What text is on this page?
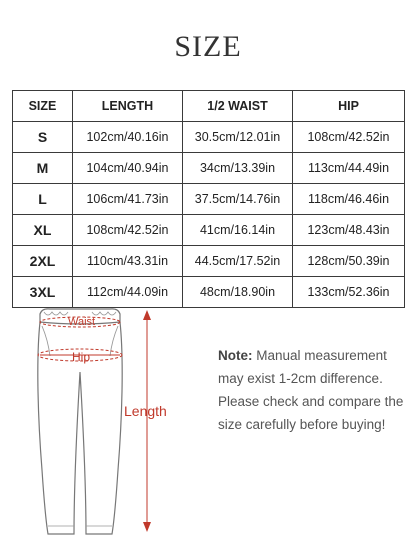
SIZE
SIZE	LENGTH	1/2 WAIST	HIP
S	102cm/40.16in	30.5cm/12.01in	108cm/42.52in
M	104cm/40.94in	34cm/13.39in	113cm/44.49in
L	106cm/41.73in	37.5cm/14.76in	118cm/46.46in
XL	108cm/42.52in	41cm/16.14in	123cm/48.43in
2XL	110cm/43.31in	44.5cm/17.52in	128cm/50.39in
3XL	112cm/44.09in	48cm/18.90in	133cm/52.36in
Waist
Hip
Length
Note: Manual measurement may exist 1-2cm difference. Please check and compare the size carefully before buying!
